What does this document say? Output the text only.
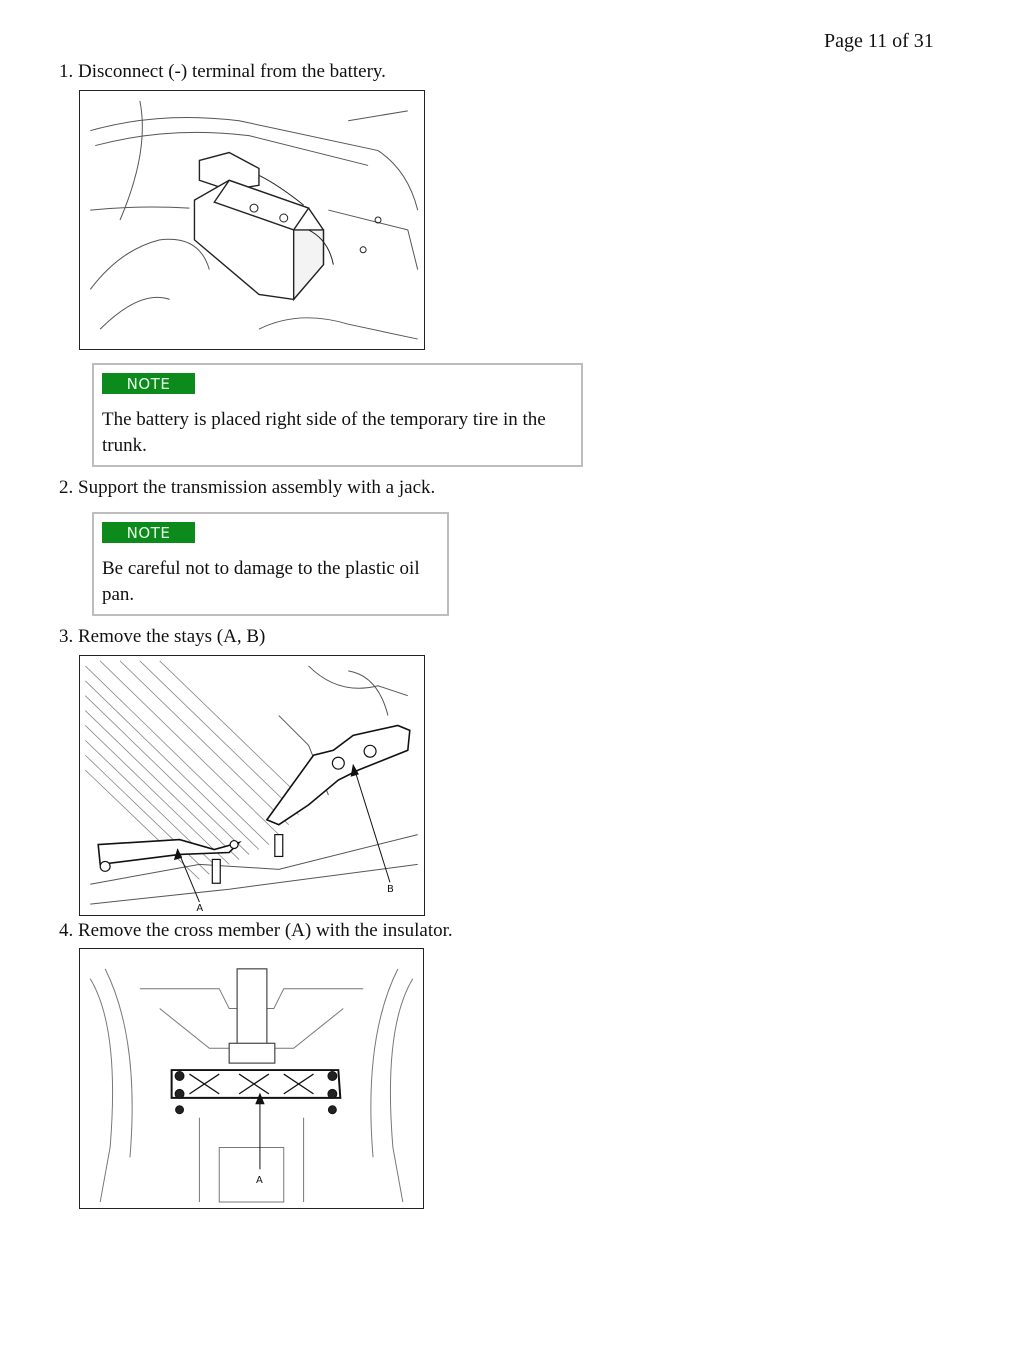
Page 11 of 31
1. Disconnect (-) terminal from the battery.
NOTE
The battery is placed right side of the temporary tire in the
trunk.
2. Support the transmission assembly with a jack.
NOTE
Be careful not to damage to the plastic oil
pan.
3. Remove the stays (A, B)
A
B
4. Remove the cross member (A) with the insulator.
A
